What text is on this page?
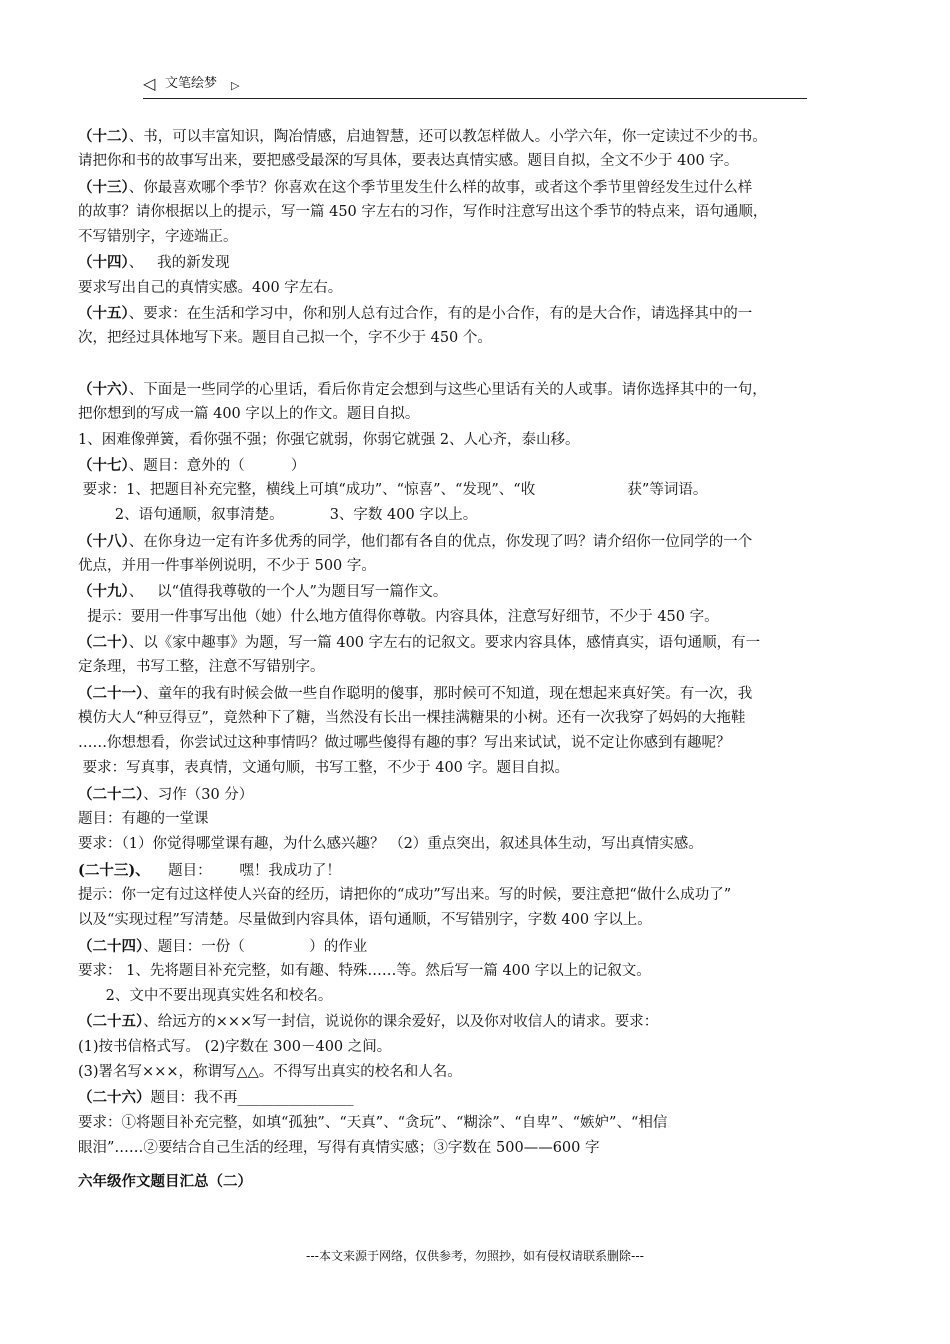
◁ 文笔绘梦 ▷
（十二）、书，可以丰富知识，陶冶情感，启迪智慧，还可以教怎样做人。小学六年，你一定读过不少的书。
请把你和书的故事写出来，要把感受最深的写具体，要表达真情实感。题目自拟，全文不少于 400 字。
（十三）、你最喜欢哪个季节？你喜欢在这个季节里发生什么样的故事，或者这个季节里曾经发生过什么样
的故事？请你根据以上的提示，写一篇 450 字左右的习作，写作时注意写出这个季节的特点来，语句通顺，
不写错别字，字迹端正。
（十四）、   我的新发现
要求写出自己的真情实感。400 字左右。
（十五）、要求：在生活和学习中，你和别人总有过合作，有的是小合作，有的是大合作，请选择其中的一
次，把经过具体地写下来。题目自己拟一个，字不少于 450 个。
（十六）、下面是一些同学的心里话，看后你肯定会想到与这些心里话有关的人或事。请你选择其中的一句，
把你想到的写成一篇 400 字以上的作文。题目自拟。
1、困难像弹簧，看你强不强；你强它就弱，你弱它就强 2、人心齐，泰山移。
（十七）、题目：意外的（          ）
要求：1、把题目补充完整，横线上可填“成功”、“惊喜”、“发现”、“收                    获”等词语。
2、语句通顺，叙事清楚。          3、字数 400 字以上。
（十八）、在你身边一定有许多优秀的同学，他们都有各自的优点，你发现了吗？请介绍你一位同学的一个
优点，并用一件事举例说明，不少于 500 字。
（十九）、   以“值得我尊敬的一个人”为题目写一篇作文。
提示：要用一件事写出他（她）什么地方值得你尊敬。内容具体，注意写好细节，不少于 450 字。
（二十）、以《家中趣事》为题，写一篇 400 字左右的记叙文。要求内容具体，感情真实，语句通顺，有一
定条理，书写工整，注意不写错别字。
（二十一）、童年的我有时候会做一些自作聪明的傻事，那时候可不知道，现在想起来真好笑。有一次，我
模仿大人“种豆得豆”，竟然种下了糖，当然没有长出一棵挂满糖果的小树。还有一次我穿了妈妈的大拖鞋
……你想想看，你尝试过这种事情吗？做过哪些傻得有趣的事？写出来试试，说不定让你感到有趣呢？
要求：写真事，表真情，文通句顺，书写工整，不少于 400 字。题目自拟。
（二十二）、习作（30 分）
题目：有趣的一堂课
要求：（1）你觉得哪堂课有趣，为什么感兴趣？ （2）重点突出，叙述具体生动，写出真情实感。
(二十三)、    题目：      嘿！我成功了！
提示：你一定有过这样使人兴奋的经历，请把你的“成功”写出来。写的时候，要注意把“做什么成功了”
以及“实现过程”写清楚。尽量做到内容具体，语句通顺，不写错别字，字数 400 字以上。
（二十四）、题目：一份（              ）的作业
要求： 1、先将题目补充完整，如有趣、特殊……等。然后写一篇 400 字以上的记叙文。
2、文中不要出现真实姓名和校名。
（二十五）、给远方的×××写一封信，说说你的课余爱好，以及你对收信人的请求。要求：
(1)按书信格式写。 (2)字数在 300－400 之间。
(3)署名写×××，称谓写△△。不得写出真实的校名和人名。
（二十六）题目：我不再________________
要求：①将题目补充完整，如填“孤独”、“天真”、“贪玩”、“糊涂”、“自卑”、“嫉妒”、“相信
眼泪”……②要结合自己生活的经理，写得有真情实感；③字数在 500——600 字
六年级作文题目汇总（二）
---本文来源于网络，仅供参考，勿照抄，如有侵权请联系删除---
